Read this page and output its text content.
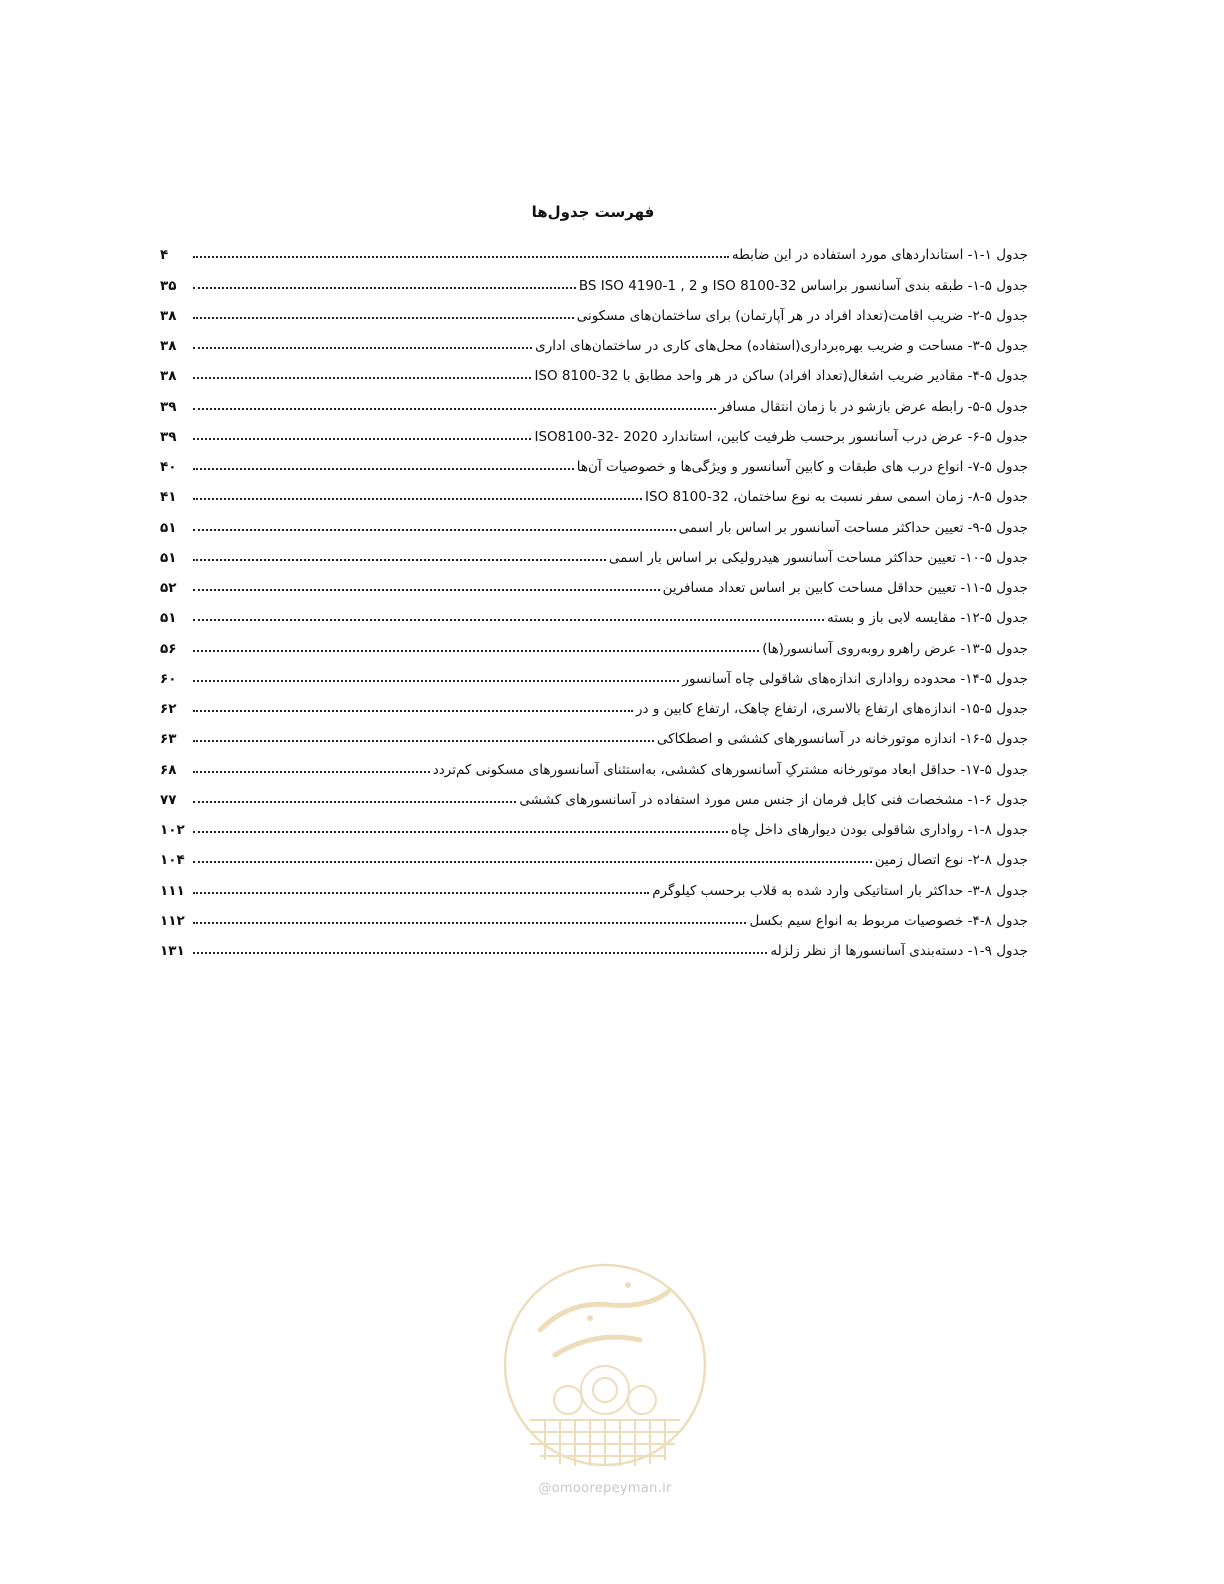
فهرست جدول‌ها
جدول ۱-۱- استانداردهای مورد استفاده در این ضابطه
۴
جدول ۵-۱- طبقه بندی آسانسور براساس ISO 8100-32 و BS ISO 4190-1 , 2
۳۵
جدول ۵-۲- ضریب اقامت(تعداد افراد در هر آپارتمان) برای ساختمان‌های مسکونی
۳۸
جدول ۵-۳- مساحت و ضریب بهره‌برداری(استفاده) محل‌های کاری در ساختمان‌های اداری
۳۸
جدول ۵-۴- مقادیر ضریب اشغال(تعداد افراد) ساکن در هر واحد مطابق با ISO 8100-32
۳۸
جدول ۵-۵- رابطه عرض بازشو در با زمان انتقال مسافر
۳۹
جدول ۵-۶- عرض درب آسانسور برحسب ظرفیت کابین، استاندارد ISO8100-32- 2020
۳۹
جدول ۵-۷- انواع درب های طبقات و کابین آسانسور و ویژگی‌ها و خصوصیات آن‌ها
۴۰
جدول ۵-۸- زمان اسمی سفر نسبت به نوع ساختمان، ISO 8100-32
۴۱
جدول ۵-۹- تعیین حداکثر مساحت آسانسور بر اساس بار اسمی
۵۱
جدول ۵-۱۰- تعیین حداکثر مساحت آسانسور هیدرولیکی بر اساس بار اسمی
۵۱
جدول ۵-۱۱- تعیین حداقل مساحت کابین بر اساس تعداد مسافرین
۵۲
جدول ۵-۱۲- مقایسه لابی باز و بسته
۵۱
جدول ۵-۱۳- عرض راهرو روبه‌روی آسانسور(ها)
۵۶
جدول ۵-۱۴- محدوده رواداری اندازه‌های شاقولی چاه آسانسور
۶۰
جدول ۵-۱۵- اندازه‌های ارتفاع بالاسری، ارتفاع چاهک، ارتفاع کابین و در
۶۲
جدول ۵-۱۶- اندازه موتورخانه در آسانسورهای کششی و اصطکاکی
۶۳
جدول ۵-۱۷- حداقل ابعاد موتورخانه مشترکِ آسانسورهای کششی، به‌استثنای آسانسورهای مسکونی کم‌تردد
۶۸
جدول ۶-۱- مشخصات فنی کابل فرمان از جنس مس مورد استفاده در آسانسورهای کششی
۷۷
جدول ۸-۱- رواداری شاقولی بودن دیوارهای داخل چاه
۱۰۲
جدول ۸-۲- نوع اتصال زمین
۱۰۴
جدول ۸-۳- حداکثر بار استاتیکی وارد شده به قلاب برحسب کیلوگرم
۱۱۱
جدول ۸-۴- خصوصیات مربوط به انواع سیم بکسل
۱۱۲
جدول ۹-۱- دسته‌بندی آسانسورها از نظر زلزله
۱۳۱
@omoorepeyman.ir
